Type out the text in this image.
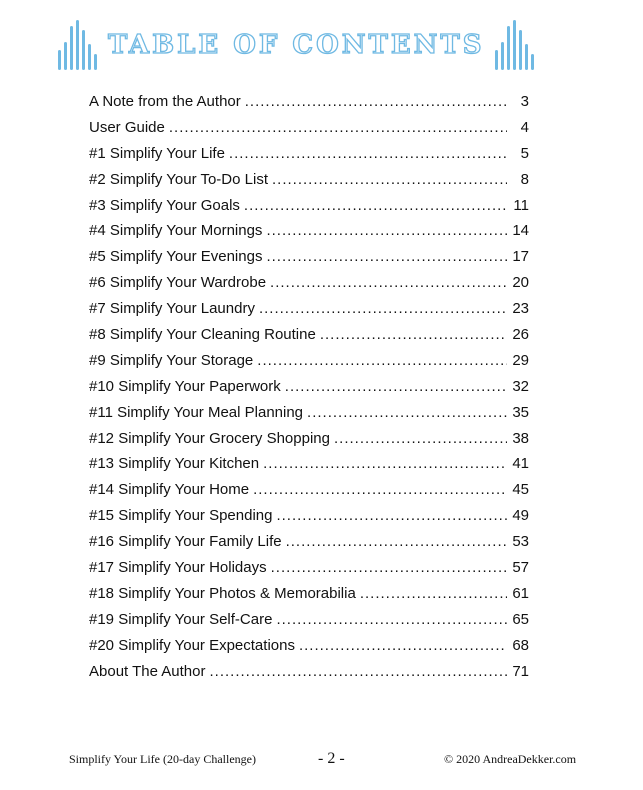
TABLE OF CONTENTS
A Note from the Author .....	3
User Guide .....	4
#1 Simplify Your Life .....	5
#2 Simplify Your To-Do List .....	8
#3 Simplify Your Goals .....	11
#4 Simplify Your Mornings .....	14
#5 Simplify Your Evenings .....	17
#6 Simplify Your Wardrobe .....	20
#7 Simplify Your Laundry .....	23
#8 Simplify Your Cleaning Routine .....	26
#9 Simplify Your Storage .....	29
#10 Simplify Your Paperwork .....	32
#11 Simplify Your Meal Planning .....	35
#12 Simplify Your Grocery Shopping .....	38
#13 Simplify Your Kitchen .....	41
#14 Simplify Your Home .....	45
#15 Simplify Your Spending .....	49
#16 Simplify Your Family Life .....	53
#17 Simplify Your Holidays .....	57
#18 Simplify Your Photos & Memorabilia .....	61
#19 Simplify Your Self-Care .....	65
#20 Simplify Your Expectations .....	68
About The Author .....	71
Simplify Your Life (20-day Challenge)	- 2 -	© 2020 AndreaDekker.com
